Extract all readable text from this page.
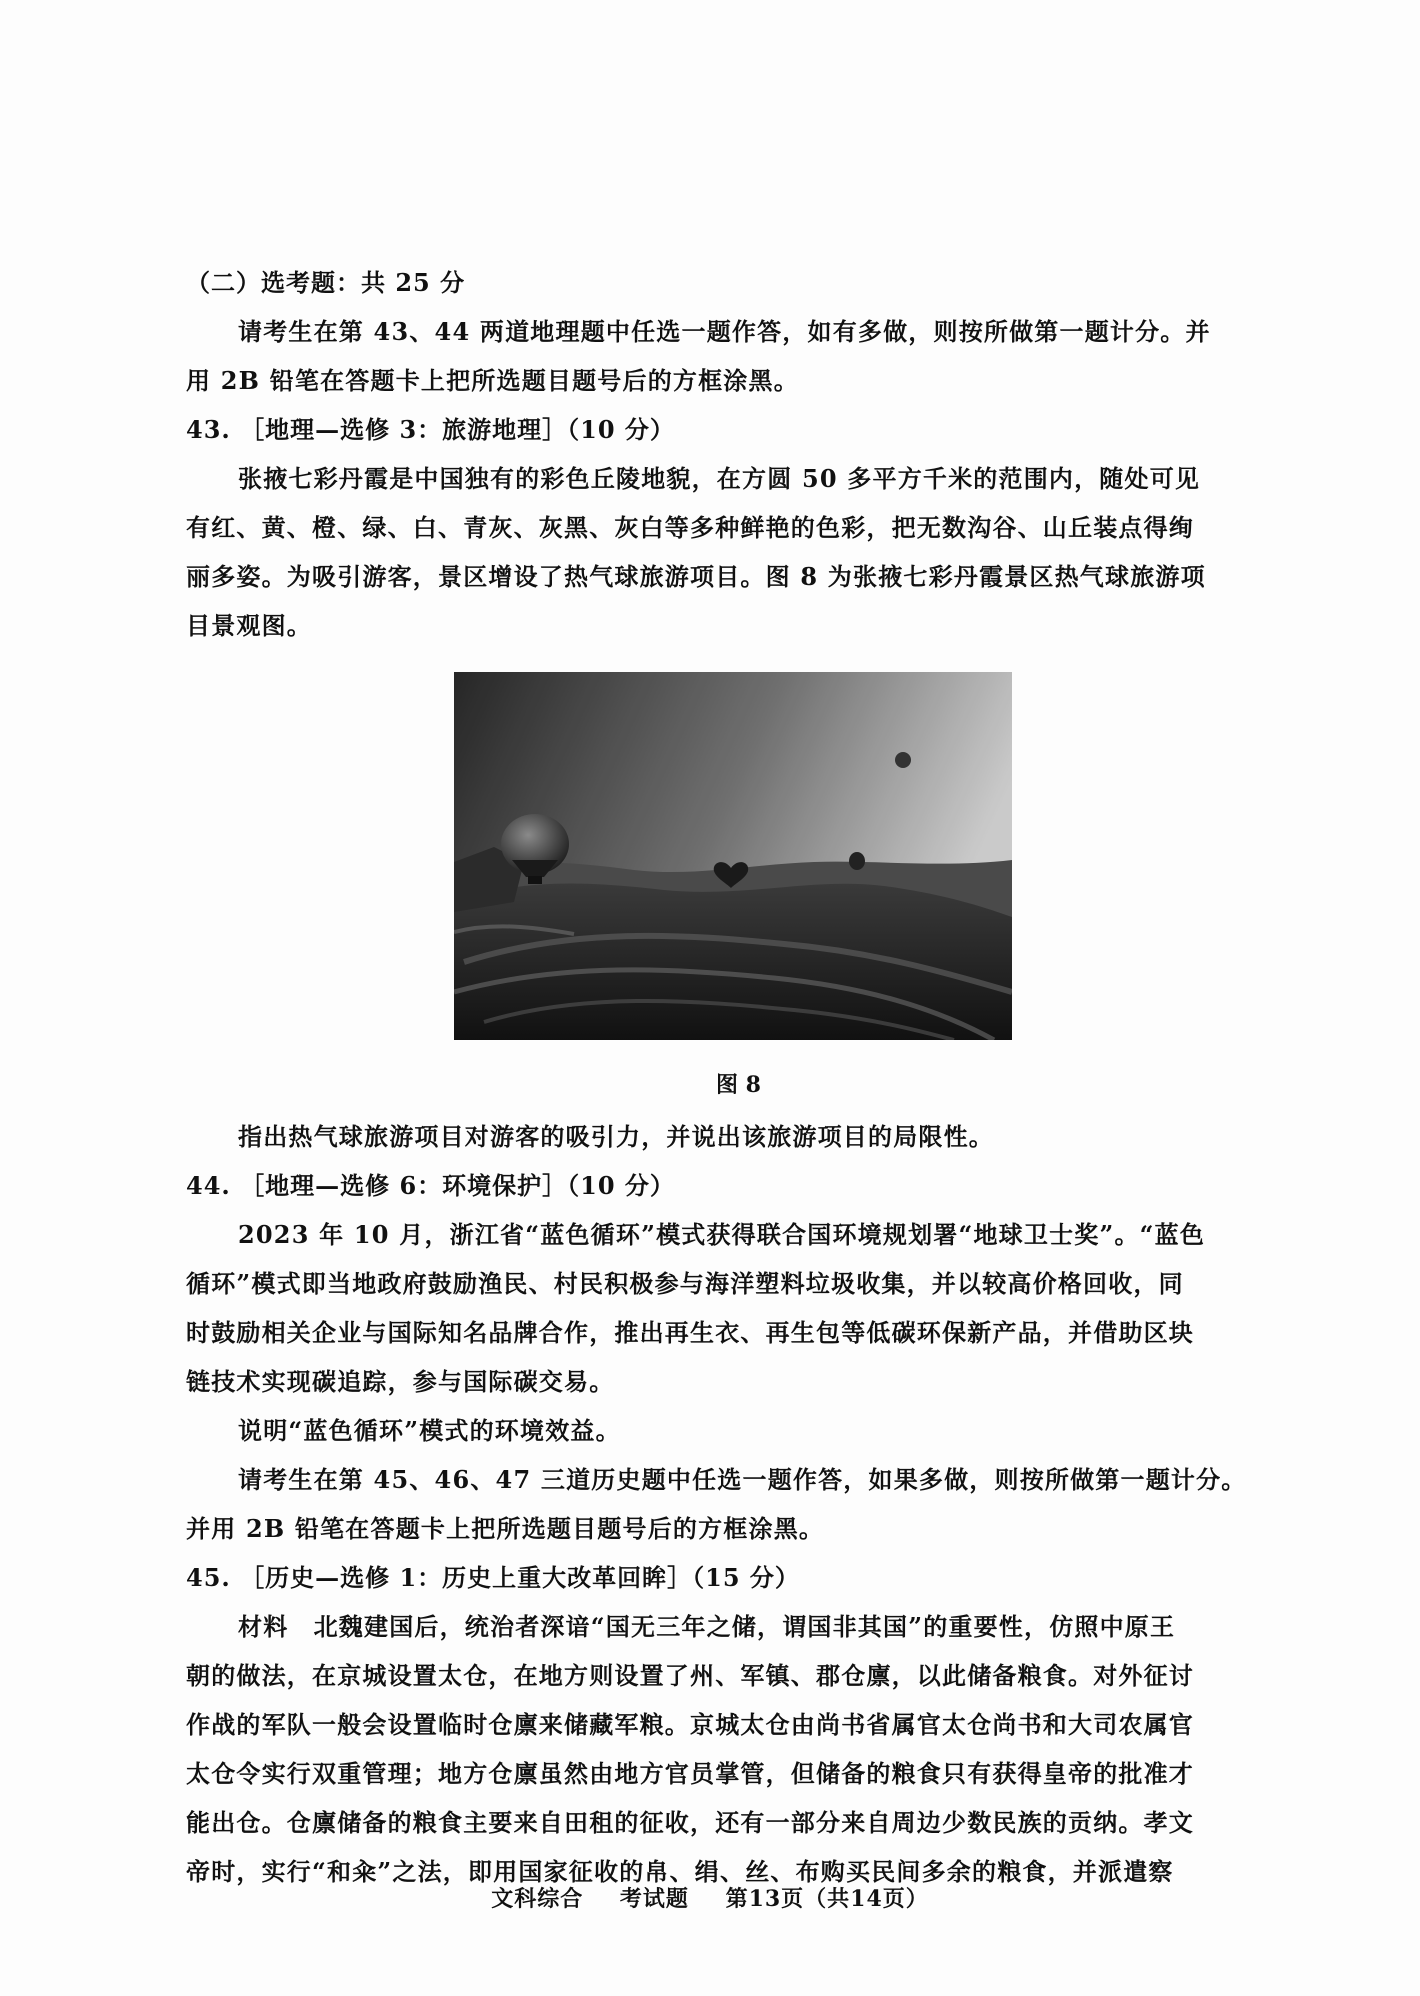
（二）选考题：共 25 分
请考生在第 43、44 两道地理题中任选一题作答，如有多做，则按所做第一题计分。并
用 2B 铅笔在答题卡上把所选题目题号后的方框涂黑。
43. ［地理—选修 3：旅游地理］（10 分）
张掖七彩丹霞是中国独有的彩色丘陵地貌，在方圆 50 多平方千米的范围内，随处可见
有红、黄、橙、绿、白、青灰、灰黑、灰白等多种鲜艳的色彩，把无数沟谷、山丘装点得绚
丽多姿。为吸引游客，景区增设了热气球旅游项目。图 8 为张掖七彩丹霞景区热气球旅游项
目景观图。
图 8
指出热气球旅游项目对游客的吸引力，并说出该旅游项目的局限性。
44. ［地理—选修 6：环境保护］（10 分）
2023 年 10 月，浙江省“蓝色循环”模式获得联合国环境规划署“地球卫士奖”。“蓝色
循环”模式即当地政府鼓励渔民、村民积极参与海洋塑料垃圾收集，并以较高价格回收，同
时鼓励相关企业与国际知名品牌合作，推出再生衣、再生包等低碳环保新产品，并借助区块
链技术实现碳追踪，参与国际碳交易。
说明“蓝色循环”模式的环境效益。
请考生在第 45、46、47 三道历史题中任选一题作答，如果多做，则按所做第一题计分。
并用 2B 铅笔在答题卡上把所选题目题号后的方框涂黑。
45. ［历史—选修 1：历史上重大改革回眸］（15 分）
材料　北魏建国后，统治者深谙“国无三年之储，谓国非其国”的重要性，仿照中原王
朝的做法，在京城设置太仓，在地方则设置了州、军镇、郡仓廪，以此储备粮食。对外征讨
作战的军队一般会设置临时仓廪来储藏军粮。京城太仓由尚书省属官太仓尚书和大司农属官
太仓令实行双重管理；地方仓廪虽然由地方官员掌管，但储备的粮食只有获得皇帝的批准才
能出仓。仓廪储备的粮食主要来自田租的征收，还有一部分来自周边少数民族的贡纳。孝文
帝时，实行“和籴”之法，即用国家征收的帛、绢、丝、布购买民间多余的粮食，并派遣察
文科综合 考试题 第13页（共14页）
